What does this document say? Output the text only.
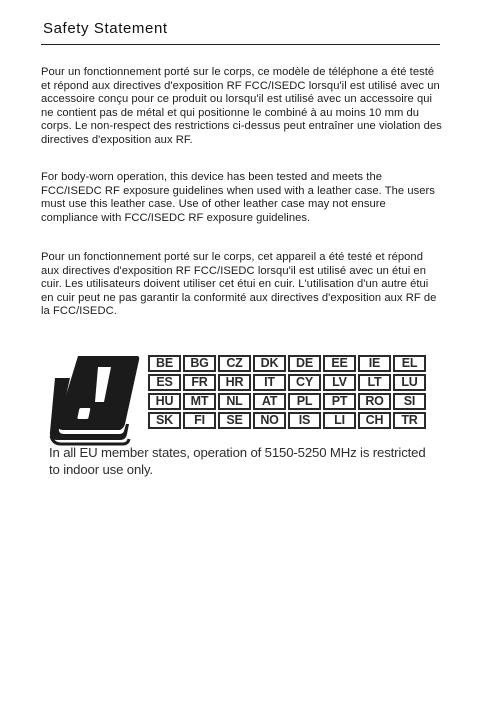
Safety Statement

Pour un fonctionnement porté sur le corps, ce modèle de téléphone a été testé et répond aux directives d'exposition RF FCC/ISEDC lorsqu'il est utilisé avec un accessoire conçu pour ce produit ou lorsqu'il est utilisé avec un accessoire qui ne contient pas de métal et qui positionne le combiné à au moins 10 mm du corps. Le non-respect des restrictions ci-dessus peut entraîner une violation des directives d'exposition aux RF.

For body-worn operation, this device has been tested and meets the FCC/ISEDC RF exposure guidelines when used with a leather case. The users must use this leather case. Use of other leather case may not ensure compliance with FCC/ISEDC RF exposure guidelines.

Pour un fonctionnement porté sur le corps, cet appareil a été testé et répond aux directives d'exposition RF FCC/ISEDC lorsqu'il est utilisé avec un étui en cuir. Les utilisateurs doivent utiliser cet étui en cuir. L'utilisation d'un autre étui en cuir peut ne pas garantir la conformité aux directives d'exposition aux RF de la FCC/ISEDC.

BE	BG	CZ	DK	DE	EE	IE	EL
ES	FR	HR	IT	CY	LV	LT	LU
HU	MT	NL	AT	PL	PT	RO	SI
SK	FI	SE	NO	IS	LI	CH	TR

In all EU member states, operation of 5150-5250 MHz is restricted to indoor use only.
